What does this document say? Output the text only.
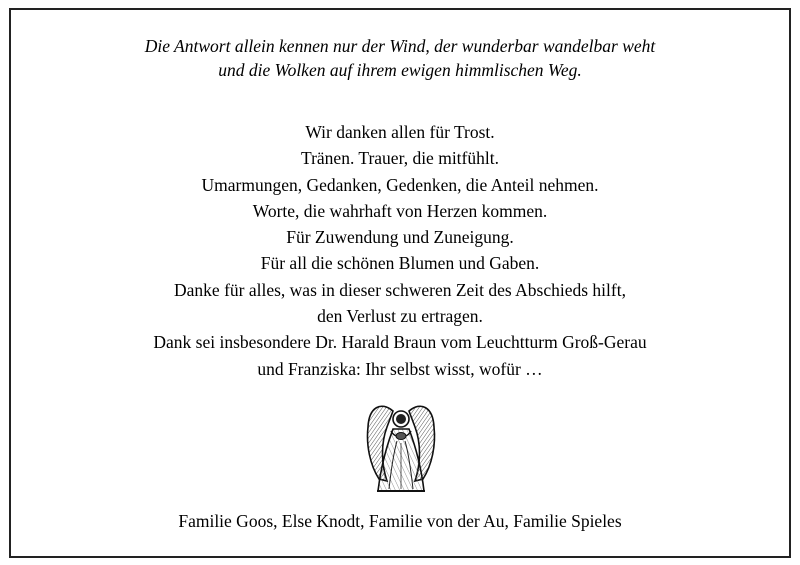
Die Antwort allein kennen nur der Wind, der wunderbar wandelbar weht
und die Wolken auf ihrem ewigen himmlischen Weg.
Wir danken allen für Trost.
Tränen. Trauer, die mitfühlt.
Umarmungen, Gedanken, Gedenken, die Anteil nehmen.
Worte, die wahrhaft von Herzen kommen.
Für Zuwendung und Zuneigung.
Für all die schönen Blumen und Gaben.
Danke für alles, was in dieser schweren Zeit des Abschieds hilft,
den Verlust zu ertragen.
Dank sei insbesondere Dr. Harald Braun vom Leuchtturm Groß-Gerau
und Franziska: Ihr selbst wisst, wofür …
Familie Goos, Else Knodt, Familie von der Au, Familie Spieles
